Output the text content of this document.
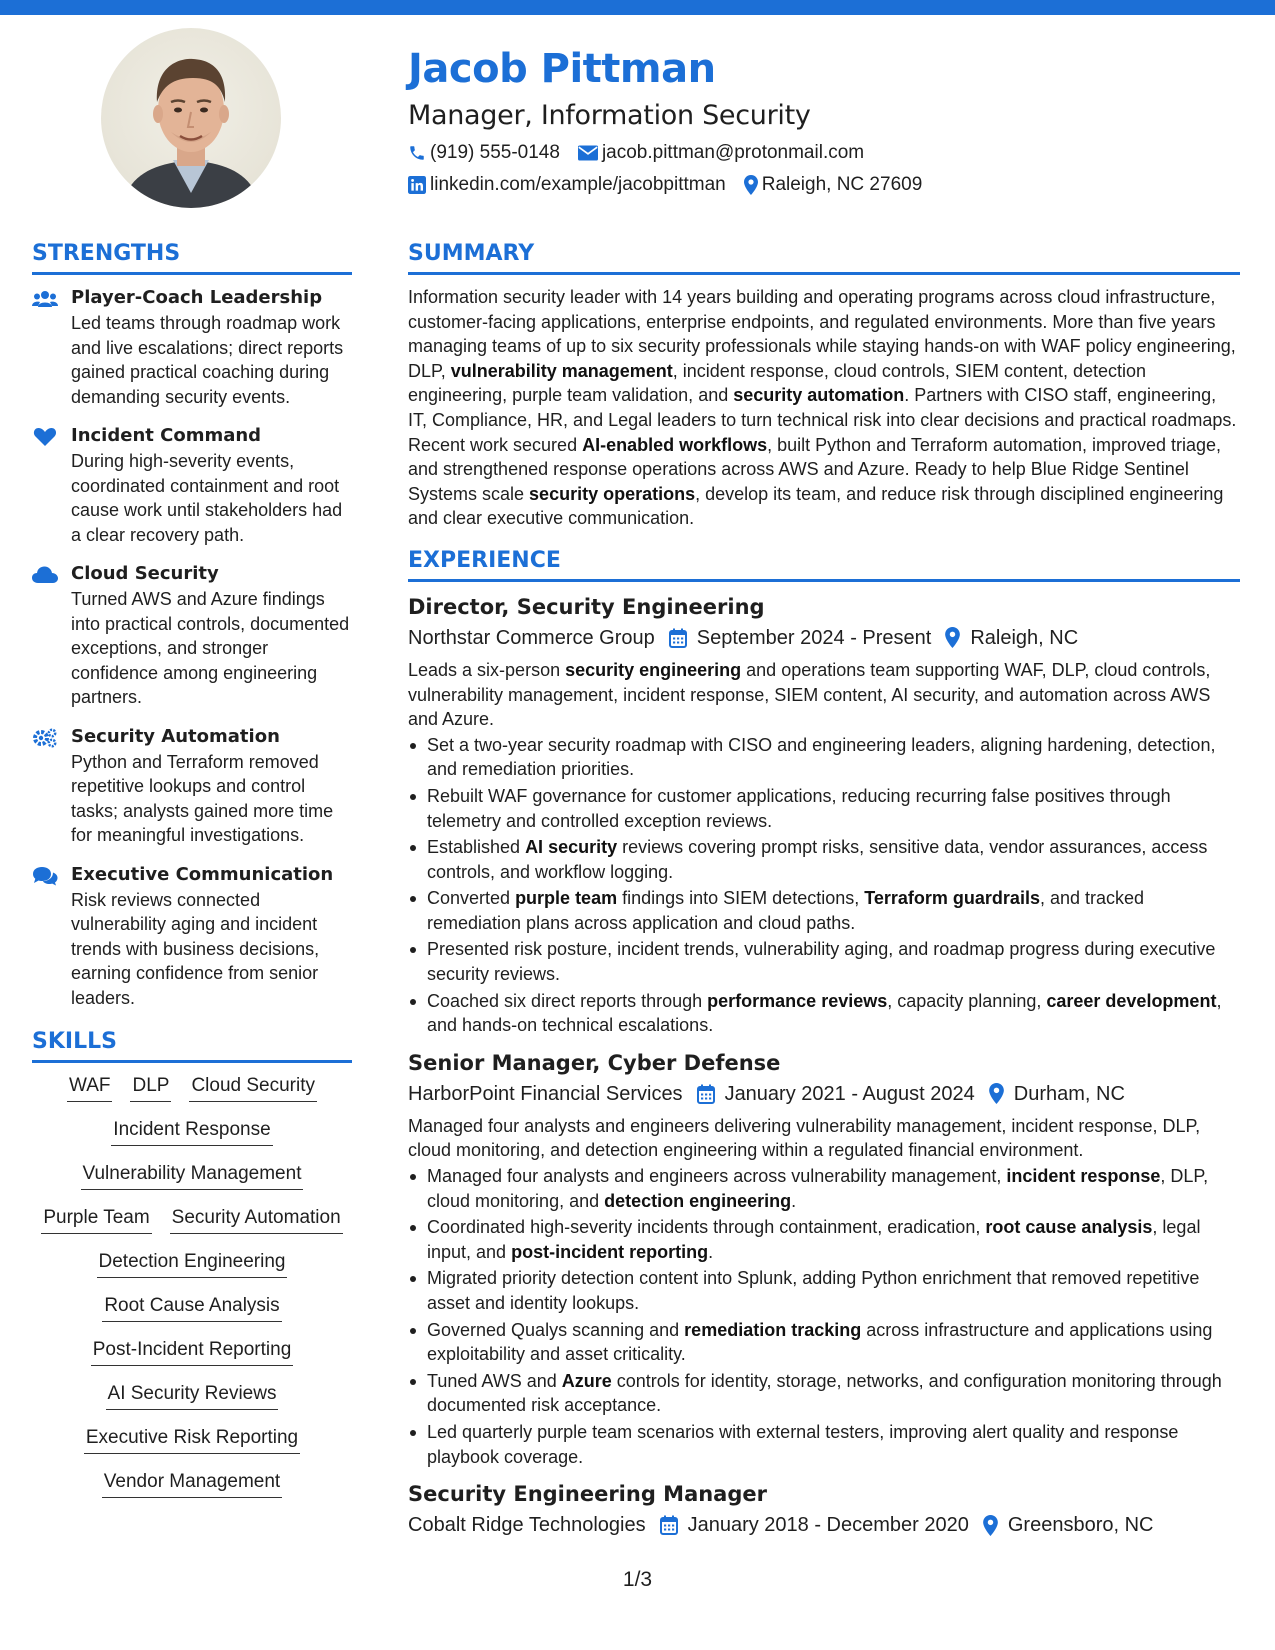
Jacob Pittman
Manager, Information Security
(919) 555-0148 jacob.pittman@protonmail.com
linkedin.com/example/jacobpittman Raleigh, NC 27609
STRENGTHS
Player-Coach Leadership
Led teams through roadmap work and live escalations; direct reports gained practical coaching during demanding security events.
Incident Command
During high-severity events, coordinated containment and root cause work until stakeholders had a clear recovery path.
Cloud Security
Turned AWS and Azure findings into practical controls, documented exceptions, and stronger confidence among engineering partners.
Security Automation
Python and Terraform removed repetitive lookups and control tasks; analysts gained more time for meaningful investigations.
Executive Communication
Risk reviews connected vulnerability aging and incident trends with business decisions, earning confidence from senior leaders.
SKILLS
WAF DLP Cloud Security
Incident Response
Vulnerability Management
Purple Team Security Automation
Detection Engineering
Root Cause Analysis
Post-Incident Reporting
AI Security Reviews
Executive Risk Reporting
Vendor Management
SUMMARY
Information security leader with 14 years building and operating programs across cloud infrastructure, customer-facing applications, enterprise endpoints, and regulated environments. More than five years managing teams of up to six security professionals while staying hands-on with WAF policy engineering, DLP, vulnerability management, incident response, cloud controls, SIEM content, detection engineering, purple team validation, and security automation. Partners with CISO staff, engineering, IT, Compliance, HR, and Legal leaders to turn technical risk into clear decisions and practical roadmaps. Recent work secured AI-enabled workflows, built Python and Terraform automation, improved triage, and strengthened response operations across AWS and Azure. Ready to help Blue Ridge Sentinel Systems scale security operations, develop its team, and reduce risk through disciplined engineering and clear executive communication.
EXPERIENCE
Director, Security Engineering
Northstar Commerce Group September 2024 - Present Raleigh, NC
Leads a six-person security engineering and operations team supporting WAF, DLP, cloud controls, vulnerability management, incident response, SIEM content, AI security, and automation across AWS and Azure.
Set a two-year security roadmap with CISO and engineering leaders, aligning hardening, detection, and remediation priorities.
Rebuilt WAF governance for customer applications, reducing recurring false positives through telemetry and controlled exception reviews.
Established AI security reviews covering prompt risks, sensitive data, vendor assurances, access controls, and workflow logging.
Converted purple team findings into SIEM detections, Terraform guardrails, and tracked remediation plans across application and cloud paths.
Presented risk posture, incident trends, vulnerability aging, and roadmap progress during executive security reviews.
Coached six direct reports through performance reviews, capacity planning, career development, and hands-on technical escalations.
Senior Manager, Cyber Defense
HarborPoint Financial Services January 2021 - August 2024 Durham, NC
Managed four analysts and engineers delivering vulnerability management, incident response, DLP, cloud monitoring, and detection engineering within a regulated financial environment.
Managed four analysts and engineers across vulnerability management, incident response, DLP, cloud monitoring, and detection engineering.
Coordinated high-severity incidents through containment, eradication, root cause analysis, legal input, and post-incident reporting.
Migrated priority detection content into Splunk, adding Python enrichment that removed repetitive asset and identity lookups.
Governed Qualys scanning and remediation tracking across infrastructure and applications using exploitability and asset criticality.
Tuned AWS and Azure controls for identity, storage, networks, and configuration monitoring through documented risk acceptance.
Led quarterly purple team scenarios with external testers, improving alert quality and response playbook coverage.
Security Engineering Manager
Cobalt Ridge Technologies January 2018 - December 2020 Greensboro, NC
1/3
